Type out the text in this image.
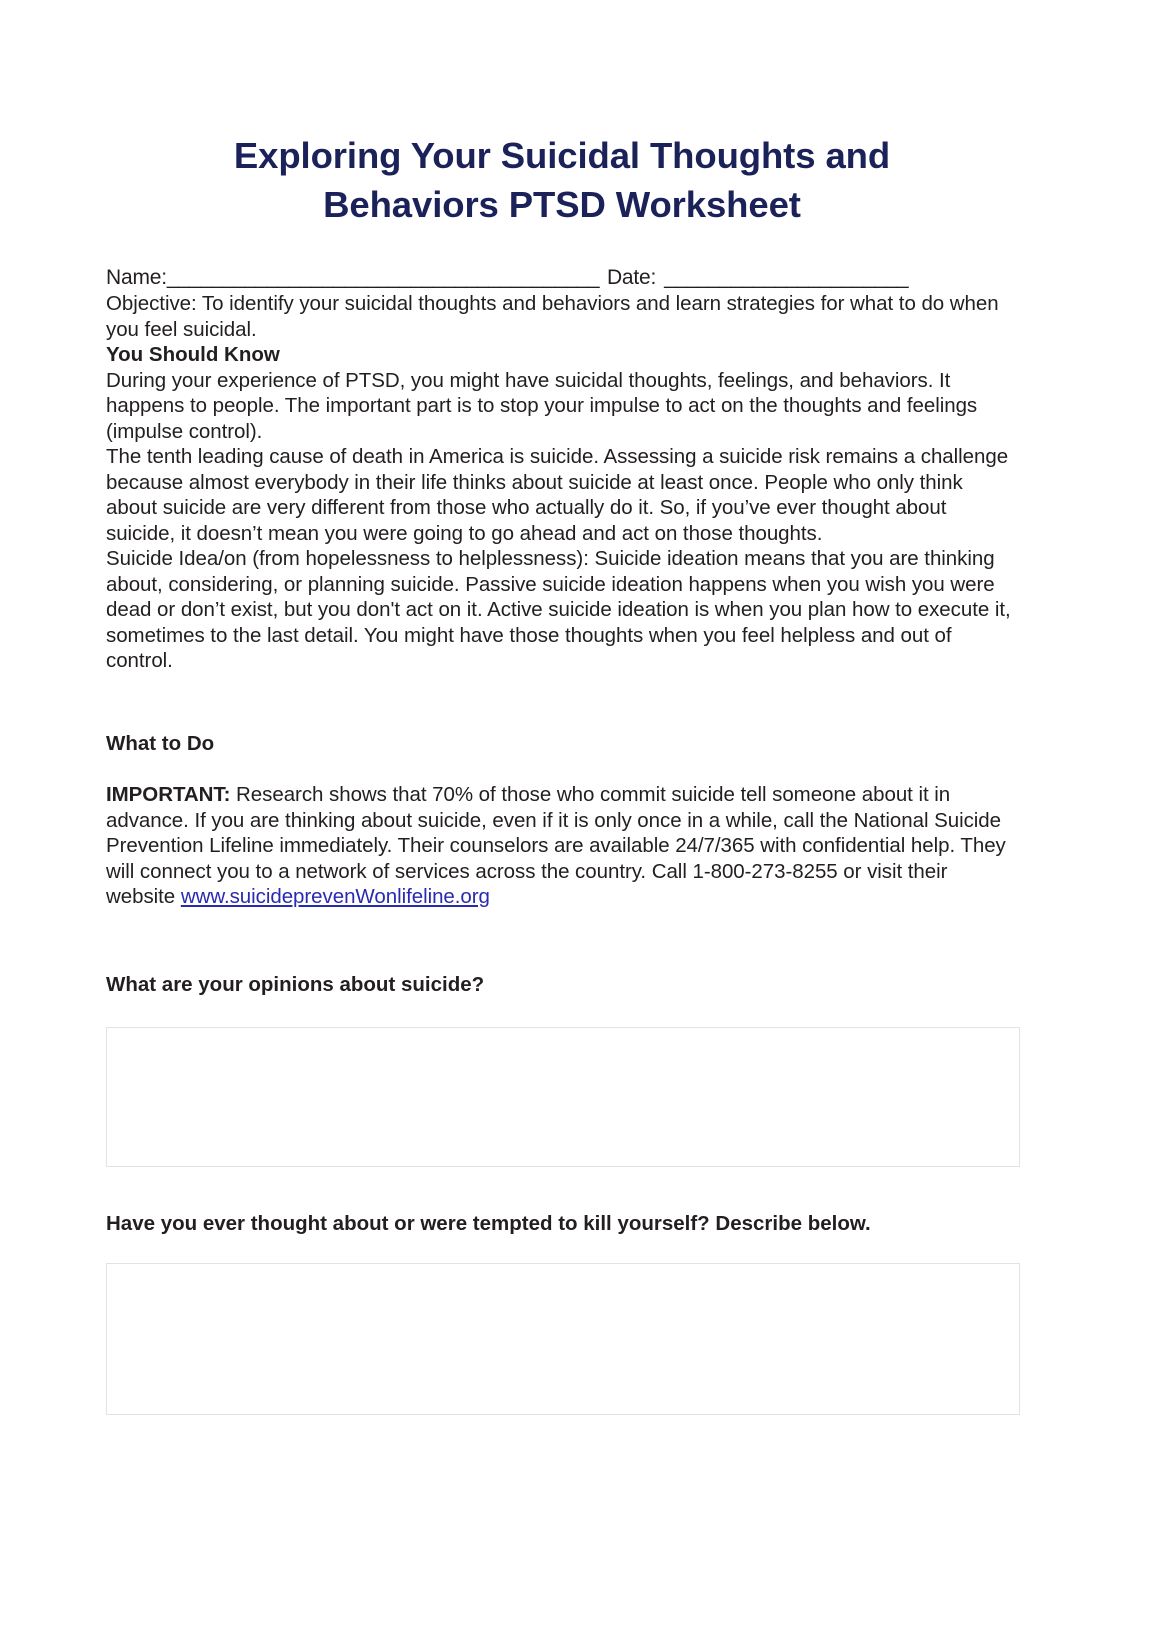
Exploring Your Suicidal Thoughts and
Behaviors PTSD Worksheet
Name:_______________________________________ Date: ______________________

Objective: To identify your suicidal thoughts and behaviors and learn strategies for what to do when you feel suicidal.

You Should Know

During your experience of PTSD, you might have suicidal thoughts, feelings, and behaviors. It happens to people. The important part is to stop your impulse to act on the thoughts and feelings (impulse control).

The tenth leading cause of death in America is suicide. Assessing a suicide risk remains a challenge because almost everybody in their life thinks about suicide at least once. People who only think about suicide are very different from those who actually do it. So, if you’ve ever thought about suicide, it doesn’t mean you were going to go ahead and act on those thoughts.

Suicide Idea/on (from hopelessness to helplessness): Suicide ideation means that you are thinking about, considering, or planning suicide. Passive suicide ideation happens when you wish you were dead or don’t exist, but you don't act on it. Active suicide ideation is when you plan how to execute it, sometimes to the last detail. You might have those thoughts when you feel helpless and out of control.

What to Do

IMPORTANT: Research shows that 70% of those who commit suicide tell someone about it in advance. If you are thinking about suicide, even if it is only once in a while, call the National Suicide Prevention Lifeline immediately. Their counselors are available 24/7/365 with confidential help. They will connect you to a network of services across the country. Call 1-800-273-8255 or visit their website www.suicideprevenWonlifeline.org

What are your opinions about suicide?

Have you ever thought about or were tempted to kill yourself? Describe below.
